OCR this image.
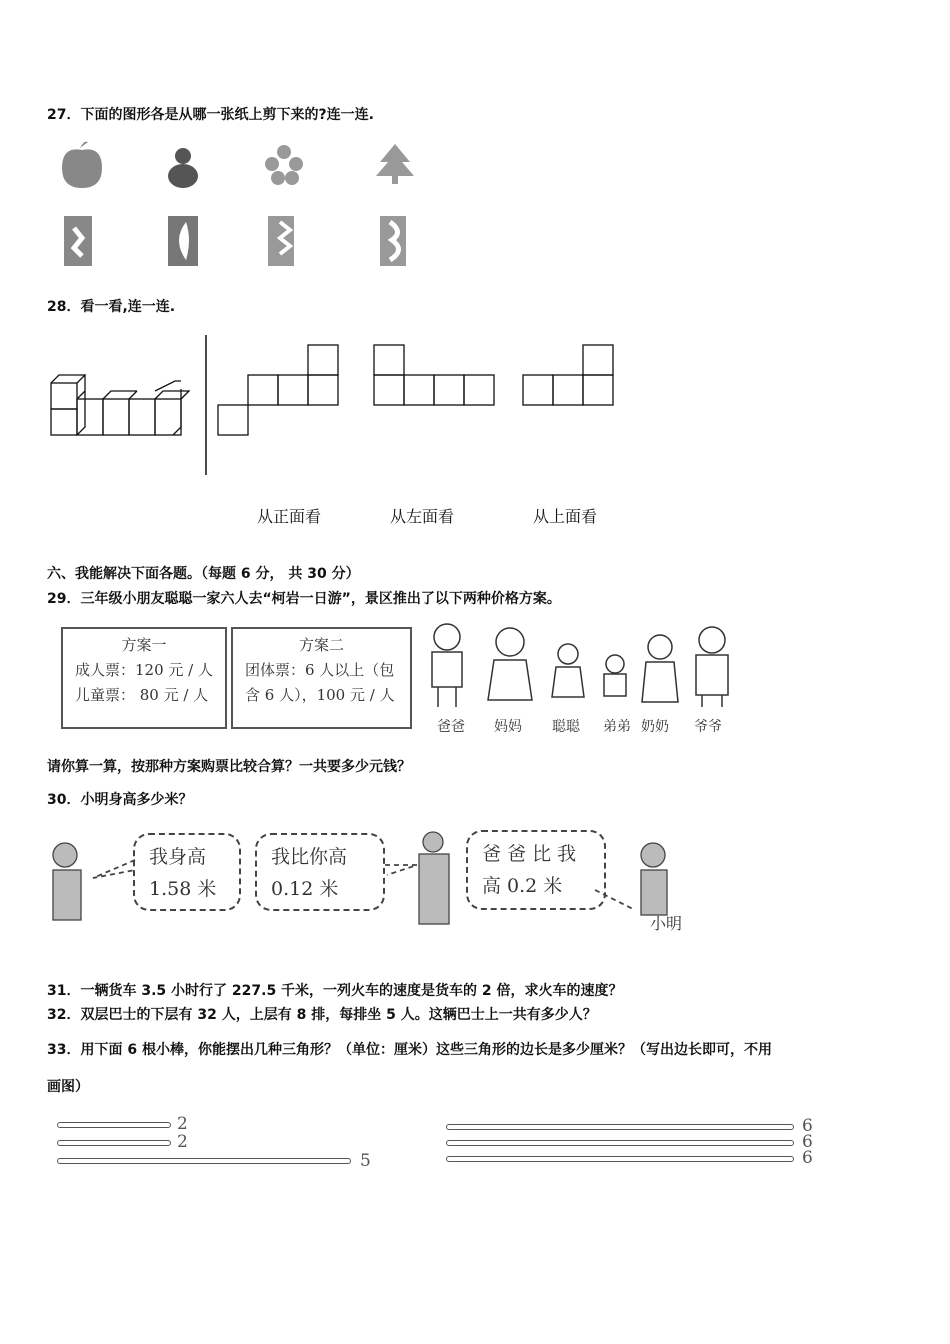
27．下面的图形各是从哪一张纸上剪下来的?连一连.
28．看一看,连一连.
从正面看	从左面看	从上面看
六、我能解决下面各题。（每题 6 分， 共 30 分）
29．三年级小朋友聪聪一家六人去“柯岩一日游”，景区推出了以下两种价格方案。
方案一
成人票：120 元 / 人
儿童票： 80 元 / 人
方案二
团体票：6 人以上（包
含 6 人），100 元 / 人
爸爸 妈妈 聪聪 弟弟 奶奶 爷爷
请你算一算，按那种方案购票比较合算？一共要多少元钱？
30．小明身高多少米？
我身高
1.58 米
我比你高
0.12 米
爸 爸 比 我
高 0.2 米
小明
31．一辆货车 3.5 小时行了 227.5 千米，一列火车的速度是货车的 2 倍，求火车的速度？
32．双层巴士的下层有 32 人，上层有 8 排，每排坐 5 人。这辆巴士上一共有多少人？
33．用下面 6 根小棒，你能摆出几种三角形？（单位：厘米）这些三角形的边长是多少厘米？（写出边长即可，不用
画图）
2
2
5
6
6
6
